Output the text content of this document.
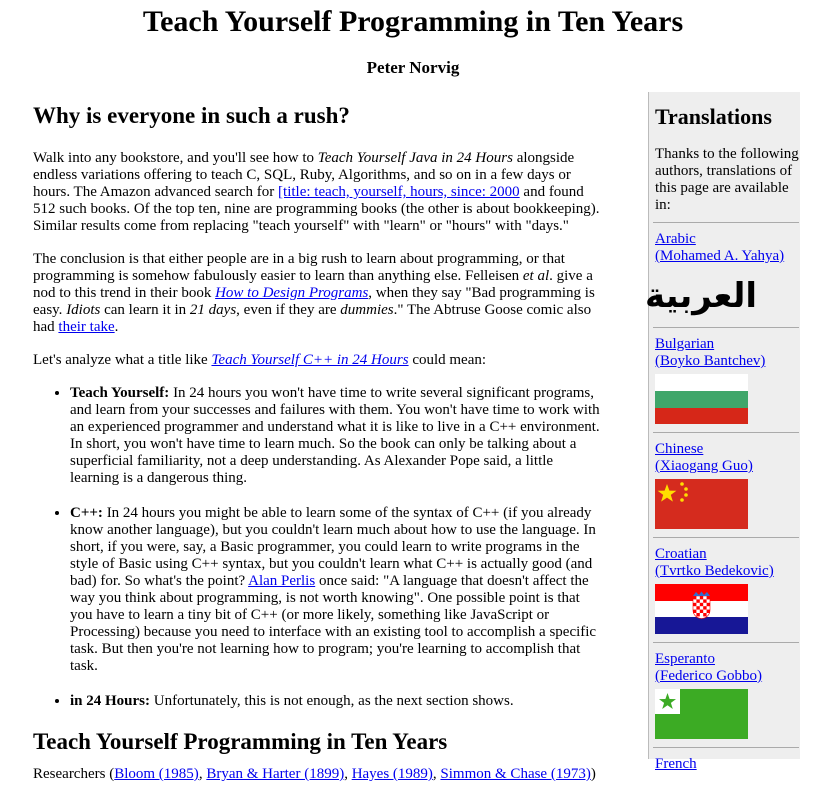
Teach Yourself Programming in Ten Years
Peter Norvig
Why is everyone in such a rush?

Walk into any bookstore, and you'll see how to Teach Yourself Java in 24 Hours alongside endless variations offering to teach C, SQL, Ruby, Algorithms, and so on in a few days or hours. The Amazon advanced search for [title: teach, yourself, hours, since: 2000 and found 512 such books. Of the top ten, nine are programming books (the other is about bookkeeping). Similar results come from replacing "teach yourself" with "learn" or "hours" with "days."

The conclusion is that either people are in a big rush to learn about programming, or that programming is somehow fabulously easier to learn than anything else. Felleisen et al. give a nod to this trend in their book How to Design Programs, when they say "Bad programming is easy. Idiots can learn it in 21 days, even if they are dummies." The Abtruse Goose comic also had their take.

Let's analyze what a title like Teach Yourself C++ in 24 Hours could mean:

• Teach Yourself: In 24 hours you won't have time to write several significant programs, and learn from your successes and failures with them. You won't have time to work with an experienced programmer and understand what it is like to live in a C++ environment. In short, you won't have time to learn much. So the book can only be talking about a superficial familiarity, not a deep understanding. As Alexander Pope said, a little learning is a dangerous thing.
• C++: In 24 hours you might be able to learn some of the syntax of C++ (if you already know another language), but you couldn't learn much about how to use the language. In short, if you were, say, a Basic programmer, you could learn to write programs in the style of Basic using C++ syntax, but you couldn't learn what C++ is actually good (and bad) for. So what's the point? Alan Perlis once said: "A language that doesn't affect the way you think about programming, is not worth knowing". One possible point is that you have to learn a tiny bit of C++ (or more likely, something like JavaScript or Processing) because you need to interface with an existing tool to accomplish a specific task. But then you're not learning how to program; you're learning to accomplish that task.
• in 24 Hours: Unfortunately, this is not enough, as the next section shows.
Teach Yourself Programming in Ten Years

Researchers (Bloom (1985), Bryan & Harter (1899), Hayes (1989), Simmon & Chase (1973))

Translations
Thanks to the following authors, translations of this page are available in:
Arabic
(Mohamed A. Yahya)
العربية
Bulgarian
(Boyko Bantchev)
Chinese
(Xiaogang Guo)
Croatian
(Tvrtko Bedekovic)
Esperanto
(Federico Gobbo)
French
